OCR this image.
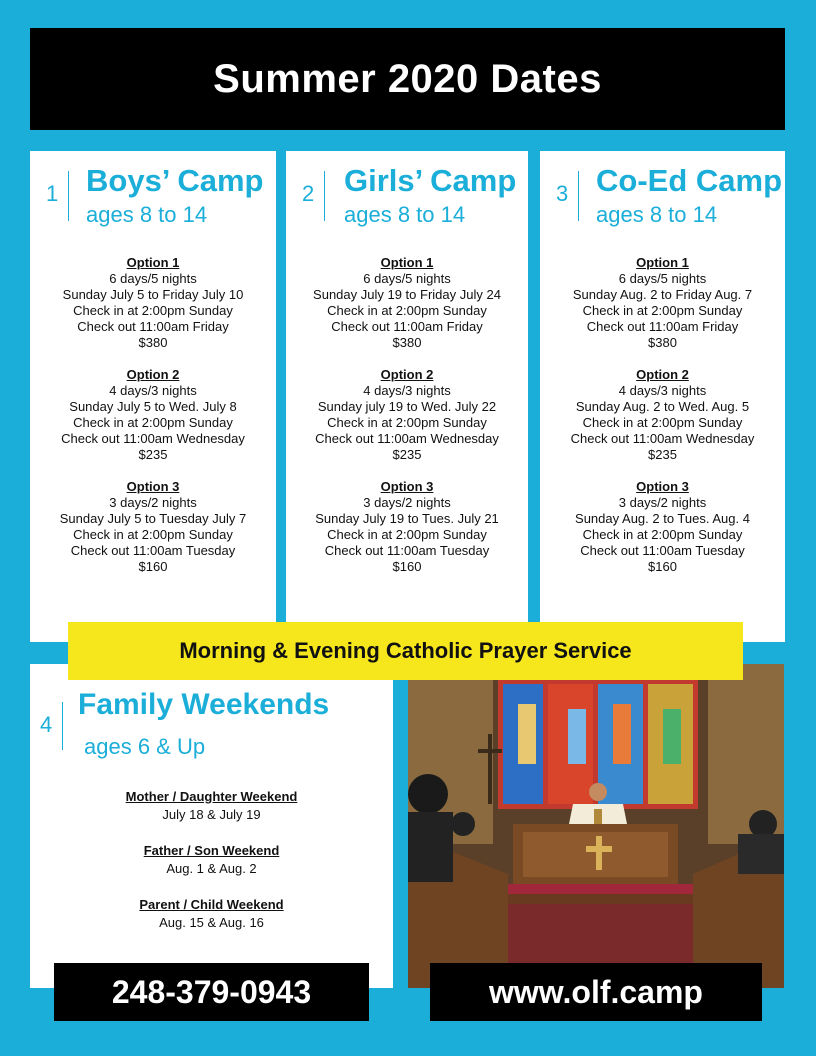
Summer 2020 Dates
1 Boys’ Camp
ages 8 to 14
Option 1
6 days/5 nights
Sunday July 5 to Friday July 10
Check in at 2:00pm Sunday
Check out 11:00am Friday
$380
Option 2
4 days/3 nights
Sunday July 5 to Wed. July 8
Check in at 2:00pm Sunday
Check out 11:00am Wednesday
$235
Option 3
3 days/2 nights
Sunday July 5 to Tuesday July 7
Check in at 2:00pm Sunday
Check out 11:00am Tuesday
$160
2 Girls’ Camp
ages 8 to 14
Option 1
6 days/5 nights
Sunday July 19 to Friday July 24
Check in at 2:00pm Sunday
Check out 11:00am Friday
$380
Option 2
4 days/3 nights
Sunday july 19 to Wed. July 22
Check in at 2:00pm Sunday
Check out 11:00am Wednesday
$235
Option 3
3 days/2 nights
Sunday July 19 to Tues. July 21
Check in at 2:00pm Sunday
Check out 11:00am Tuesday
$160
3 Co-Ed Camp
ages 8 to 14
Option 1
6 days/5 nights
Sunday Aug. 2 to Friday Aug. 7
Check in at 2:00pm Sunday
Check out 11:00am Friday
$380
Option 2
4 days/3 nights
Sunday Aug. 2 to Wed. Aug. 5
Check in at 2:00pm Sunday
Check out 11:00am Wednesday
$235
Option 3
3 days/2 nights
Sunday Aug. 2 to Tues. Aug. 4
Check in at 2:00pm Sunday
Check out 11:00am Tuesday
$160
4
Family Weekends
ages 6 & Up
Mother / Daughter Weekend
July 18 & July 19
Father / Son Weekend
Aug. 1 & Aug. 2
Parent / Child Weekend
Aug. 15 & Aug. 16
Morning & Evening Catholic Prayer Service
248-379-0943	www.olf.camp
